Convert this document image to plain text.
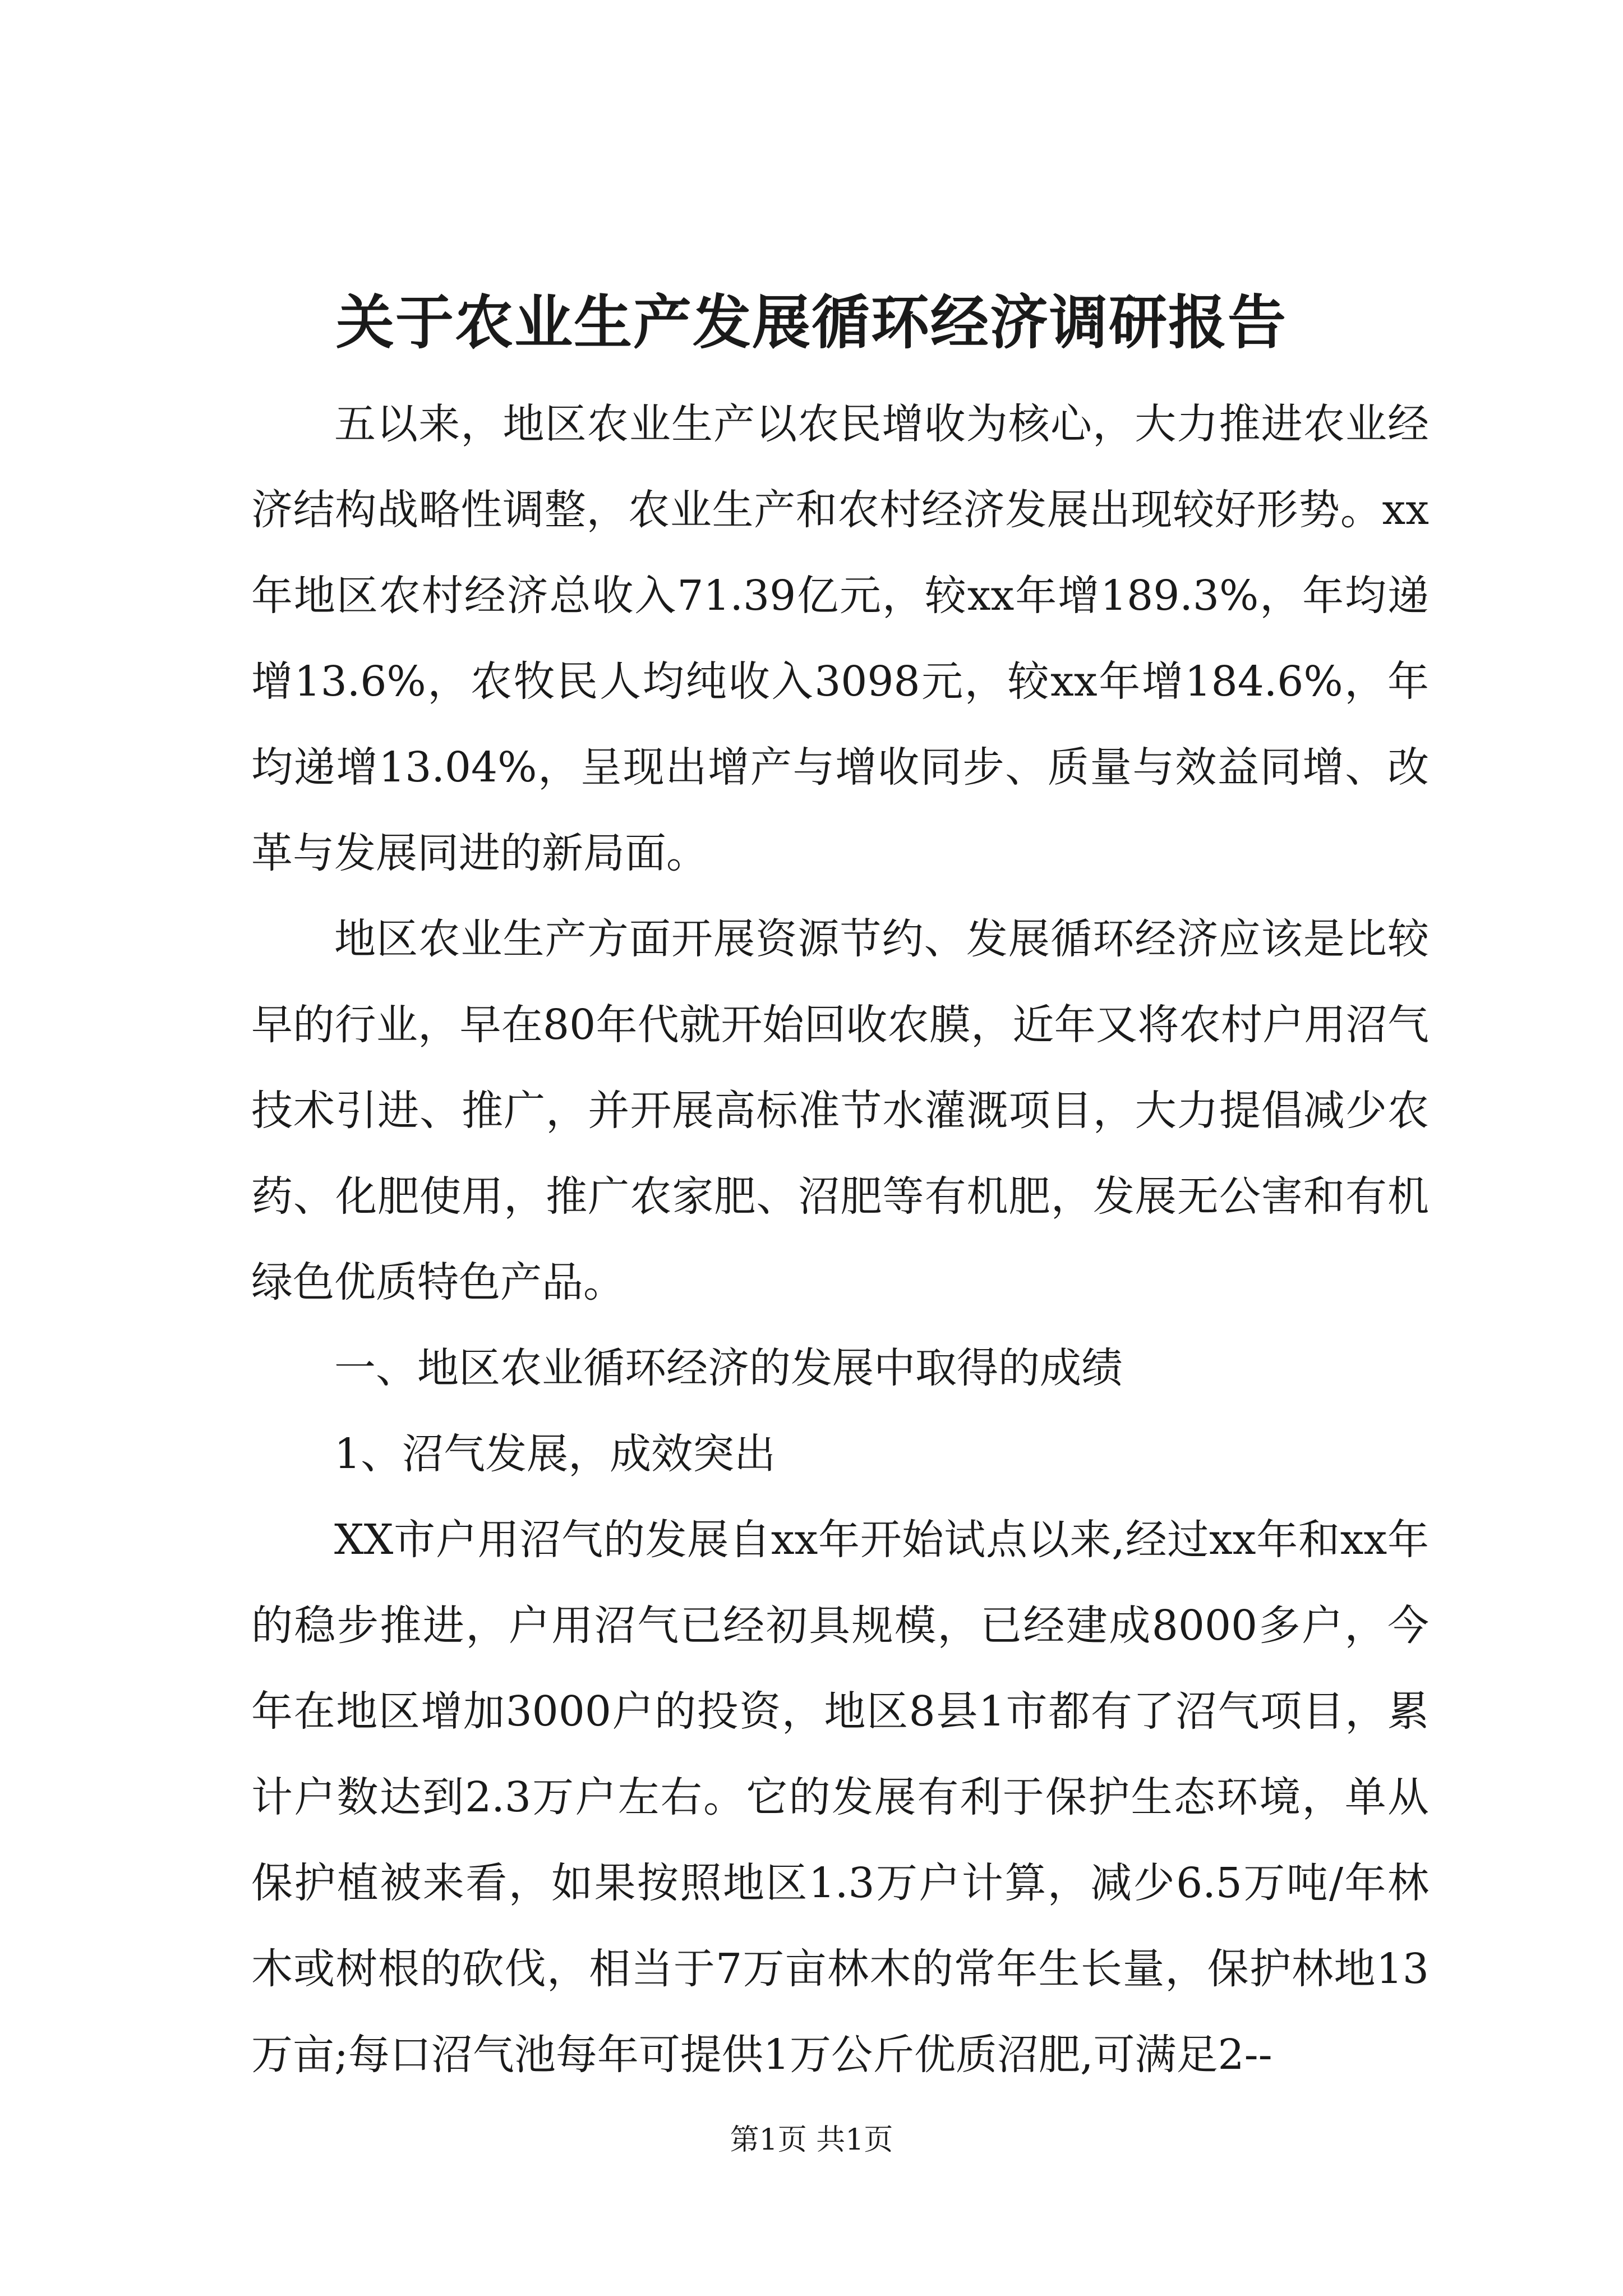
关于农业生产发展循环经济调研报告

五以来，地区农业生产以农民增收为核心，大力推进农业经济结构战略性调整，农业生产和农村经济发展出现较好形势。xx年地区农村经济总收入71.39亿元，较xx年增189.3%，年均递增13.6%，农牧民人均纯收入3098元，较xx年增184.6%，年均递增13.04%，呈现出增产与增收同步、质量与效益同增、改革与发展同进的新局面。

地区农业生产方面开展资源节约、发展循环经济应该是比较早的行业，早在80年代就开始回收农膜，近年又将农村户用沼气技术引进、推广，并开展高标准节水灌溉项目，大力提倡减少农药、化肥使用，推广农家肥、沼肥等有机肥，发展无公害和有机绿色优质特色产品。

一、地区农业循环经济的发展中取得的成绩

1、沼气发展，成效突出

XX市户用沼气的发展自xx年开始试点以来,经过xx年和xx年的稳步推进，户用沼气已经初具规模，已经建成8000多户，今年在地区增加3000户的投资，地区8县1市都有了沼气项目，累计户数达到2.3万户左右。它的发展有利于保护生态环境，单从保护植被来看，如果按照地区1.3万户计算，减少6.5万吨/年林木或树根的砍伐，相当于7万亩林木的常年生长量，保护林地13万亩;每口沼气池每年可提供1万公斤优质沼肥,可满足2--

第1页 共1页
